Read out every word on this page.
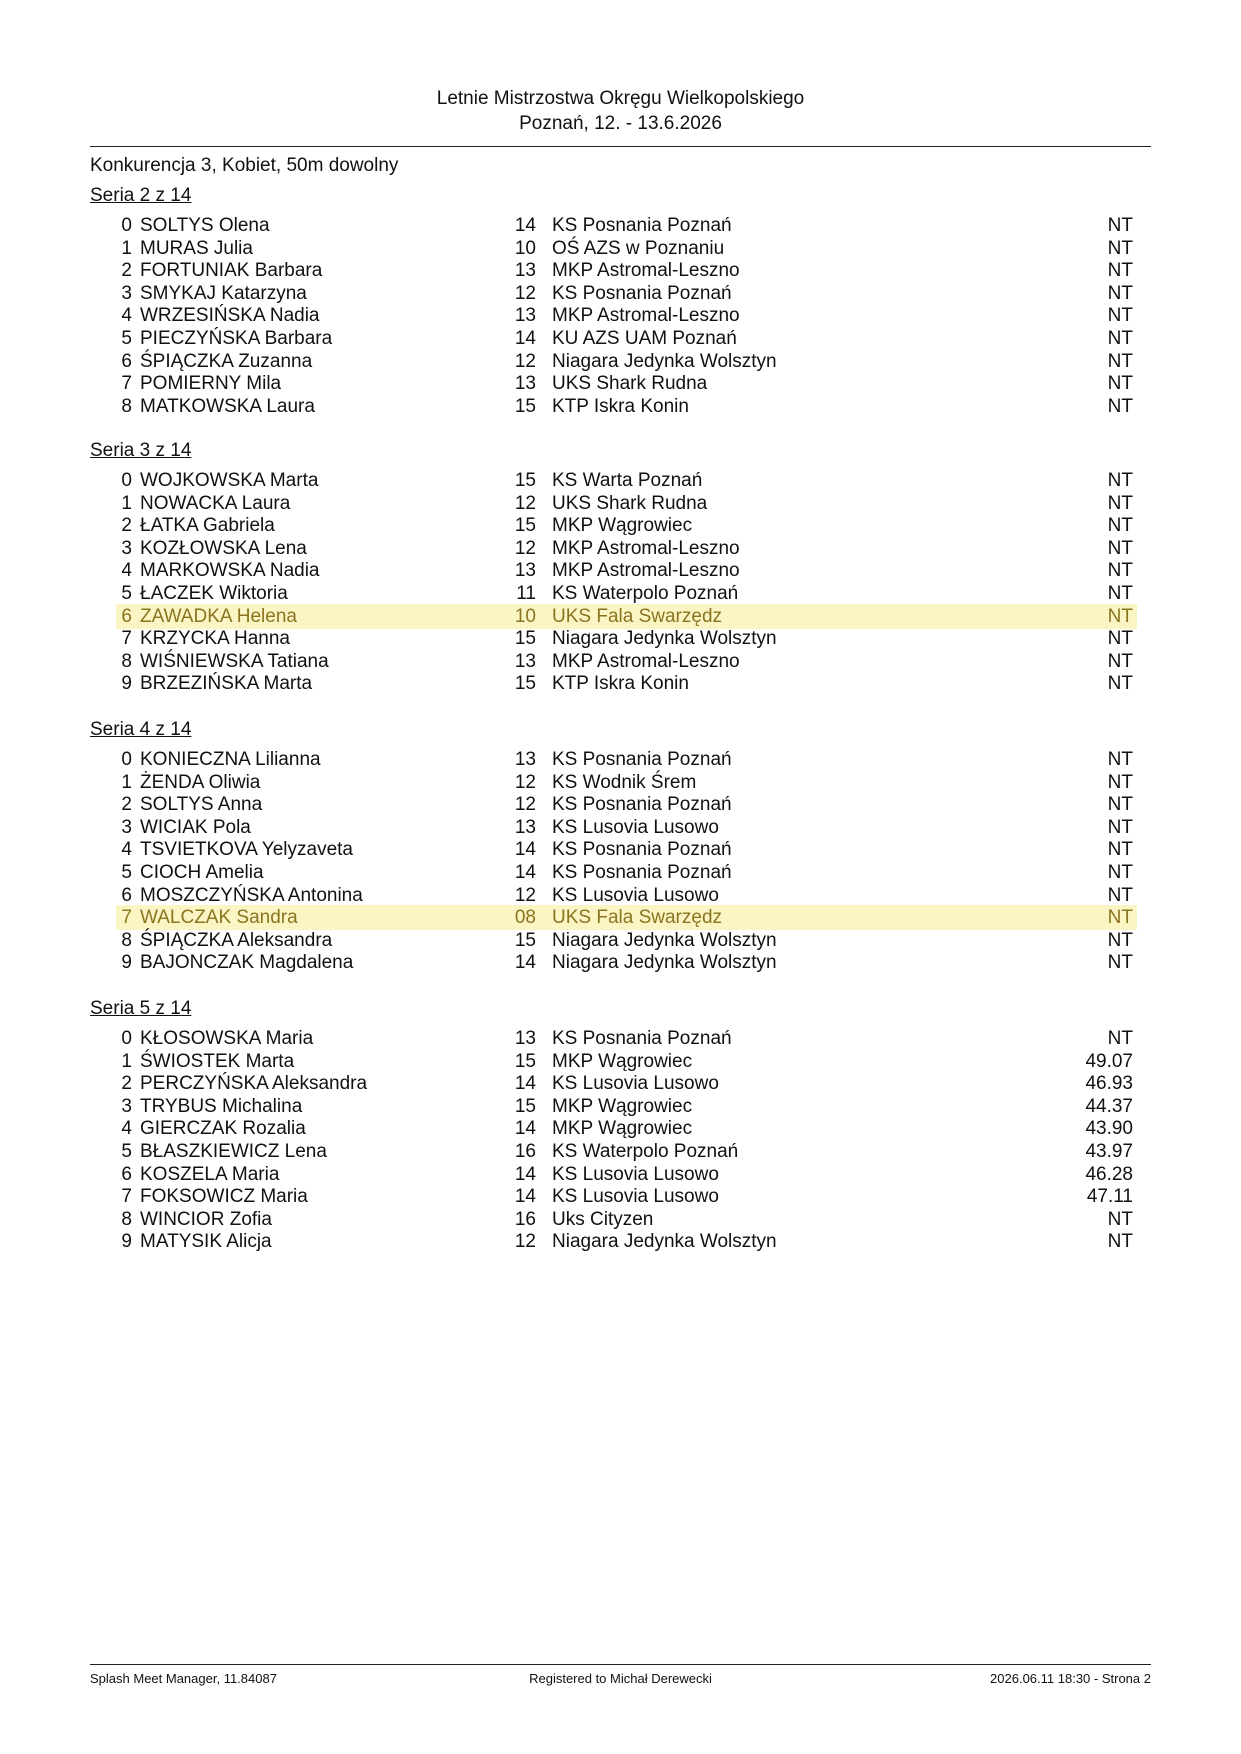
Letnie Mistrzostwa Okręgu Wielkopolskiego
Poznań, 12. - 13.6.2026
Konkurencja 3, Kobiet, 50m dowolny
Seria 2 z 14
0 SOLTYS Olena	14 KS Posnania Poznań	NT
1 MURAS Julia	10 OŚ AZS w Poznaniu	NT
2 FORTUNIAK Barbara	13 MKP Astromal-Leszno	NT
3 SMYKAJ Katarzyna	12 KS Posnania Poznań	NT
4 WRZESIŃSKA Nadia	13 MKP Astromal-Leszno	NT
5 PIECZYŃSKA Barbara	14 KU AZS UAM Poznań	NT
6 ŚPIĄCZKA Zuzanna	12 Niagara Jedynka Wolsztyn	NT
7 POMIERNY Mila	13 UKS Shark Rudna	NT
8 MATKOWSKA Laura	15 KTP Iskra Konin	NT
Seria 3 z 14
0 WOJKOWSKA Marta	15 KS Warta Poznań	NT
1 NOWACKA Laura	12 UKS Shark Rudna	NT
2 ŁATKA Gabriela	15 MKP Wągrowiec	NT
3 KOZŁOWSKA Lena	12 MKP Astromal-Leszno	NT
4 MARKOWSKA Nadia	13 MKP Astromal-Leszno	NT
5 ŁACZEK Wiktoria	11 KS Waterpolo Poznań	NT
6 ZAWADKA Helena	10 UKS Fala Swarzędz	NT
7 KRZYCKA Hanna	15 Niagara Jedynka Wolsztyn	NT
8 WIŚNIEWSKA Tatiana	13 MKP Astromal-Leszno	NT
9 BRZEZIŃSKA Marta	15 KTP Iskra Konin	NT
Seria 4 z 14
0 KONIECZNA Lilianna	13 KS Posnania Poznań	NT
1 ŻENDA Oliwia	12 KS Wodnik Śrem	NT
2 SOLTYS Anna	12 KS Posnania Poznań	NT
3 WICIAK Pola	13 KS Lusovia Lusowo	NT
4 TSVIETKOVA Yelyzaveta	14 KS Posnania Poznań	NT
5 CIOCH Amelia	14 KS Posnania Poznań	NT
6 MOSZCZYŃSKA Antonina	12 KS Lusovia Lusowo	NT
7 WALCZAK Sandra	08 UKS Fala Swarzędz	NT
8 ŚPIĄCZKA Aleksandra	15 Niagara Jedynka Wolsztyn	NT
9 BAJONCZAK Magdalena	14 Niagara Jedynka Wolsztyn	NT
Seria 5 z 14
0 KŁOSOWSKA Maria	13 KS Posnania Poznań	NT
1 ŚWIOSTEK Marta	15 MKP Wągrowiec	49.07
2 PERCZYŃSKA Aleksandra	14 KS Lusovia Lusowo	46.93
3 TRYBUS Michalina	15 MKP Wągrowiec	44.37
4 GIERCZAK Rozalia	14 MKP Wągrowiec	43.90
5 BŁASZKIEWICZ Lena	16 KS Waterpolo Poznań	43.97
6 KOSZELA Maria	14 KS Lusovia Lusowo	46.28
7 FOKSOWICZ Maria	14 KS Lusovia Lusowo	47.11
8 WINCIOR Zofia	16 Uks Cityzen	NT
9 MATYSIK Alicja	12 Niagara Jedynka Wolsztyn	NT
Splash Meet Manager, 11.84087	Registered to Michał Derewecki	2026.06.11 18:30 - Strona 2
